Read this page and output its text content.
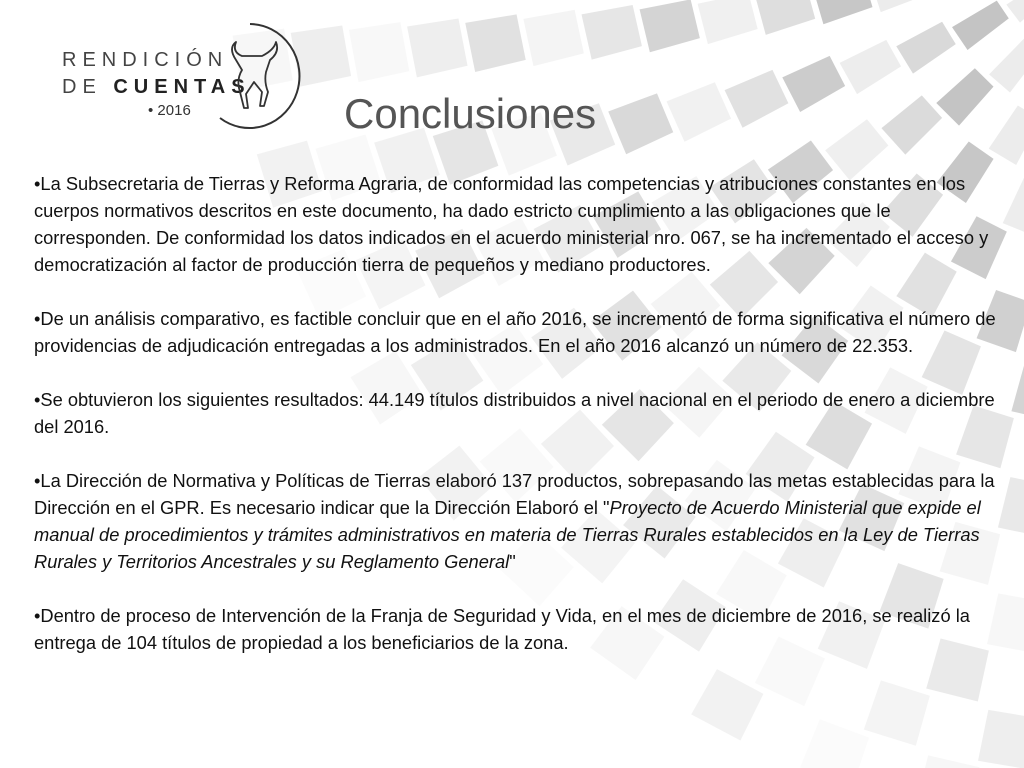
RENDICIÓN
DE CUENTAS
• 2016	Conclusiones

•La Subsecretaria de Tierras y Reforma Agraria, de conformidad las competencias y atribuciones constantes en los cuerpos normativos descritos en este documento, ha dado estricto cumplimiento a las obligaciones que le corresponden. De conformidad los datos indicados en el acuerdo ministerial nro. 067, se ha incrementado el acceso y democratización al factor de producción tierra de pequeños y mediano productores.

•De un análisis comparativo, es factible concluir que en el año 2016, se incrementó de forma significativa el número de providencias de adjudicación entregadas a los administrados. En el año 2016 alcanzó un número de 22.353.

•Se obtuvieron los siguientes resultados: 44.149 títulos distribuidos a nivel nacional en el periodo de enero a diciembre del 2016.

•La Dirección de Normativa y Políticas de Tierras elaboró 137 productos, sobrepasando las metas establecidas para la Dirección en el GPR. Es necesario indicar que la Dirección Elaboró el "Proyecto de Acuerdo Ministerial que expide el manual de procedimientos y trámites administrativos en materia de Tierras Rurales establecidos en la Ley de Tierras Rurales y Territorios Ancestrales y su Reglamento General"

•Dentro de proceso de Intervención de la Franja de Seguridad y Vida, en el mes de diciembre de 2016, se realizó la entrega de 104 títulos de propiedad a los beneficiarios de la zona.
